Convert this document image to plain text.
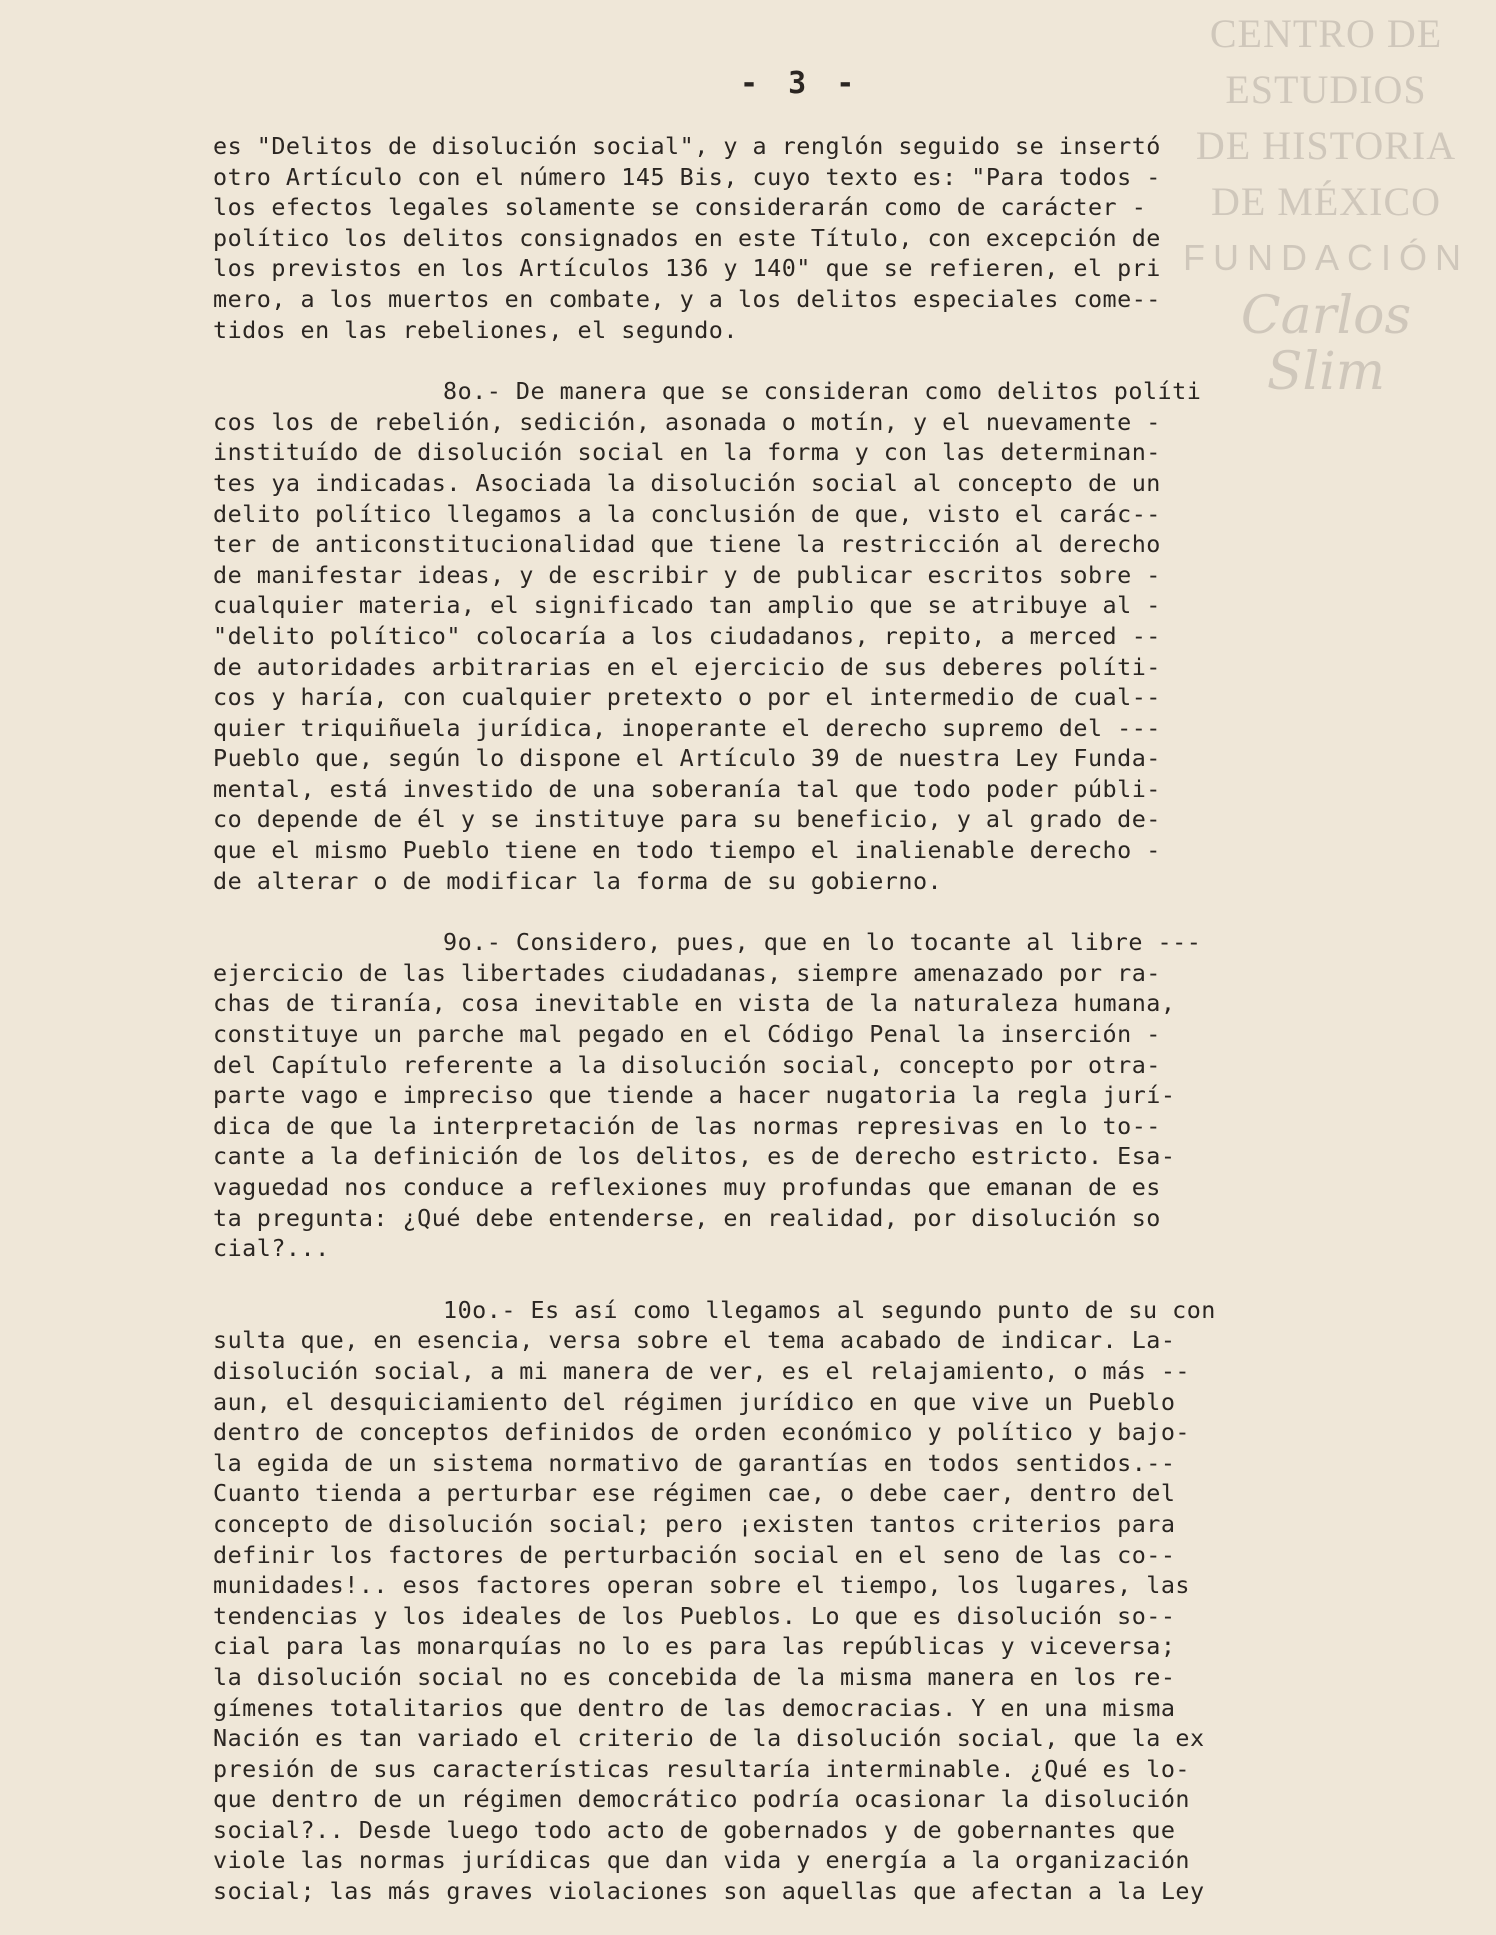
CENTRO DE
ESTUDIOS
DE HISTORIA
DE MÉXICO
FUNDACIÓN
Carlos Slim
- 3 -
es "Delitos de disolución social", y a renglón seguido se insertó
otro Artículo con el número 145 Bis, cuyo texto es: "Para todos -
los efectos legales solamente se considerarán como de carácter -
político los delitos consignados en este Título, con excepción de
los previstos en los Artículos 136 y 140" que se refieren, el pri
mero, a los muertos en combate, y a los delitos especiales come--
tidos en las rebeliones, el segundo.
8o.- De manera que se consideran como delitos políti
cos los de rebelión, sedición, asonada o motín, y el nuevamente -
instituído de disolución social en la forma y con las determinan-
tes ya indicadas. Asociada la disolución social al concepto de un
delito político llegamos a la conclusión de que, visto el carác--
ter de anticonstitucionalidad que tiene la restricción al derecho
de manifestar ideas, y de escribir y de publicar escritos sobre -
cualquier materia, el significado tan amplio que se atribuye al -
"delito político" colocaría a los ciudadanos, repito, a merced --
de autoridades arbitrarias en el ejercicio de sus deberes políti-
cos y haría, con cualquier pretexto o por el intermedio de cual--
quier triquiñuela jurídica, inoperante el derecho supremo del ---
Pueblo que, según lo dispone el Artículo 39 de nuestra Ley Funda-
mental, está investido de una soberanía tal que todo poder públi-
co depende de él y se instituye para su beneficio, y al grado de-
que el mismo Pueblo tiene en todo tiempo el inalienable derecho -
de alterar o de modificar la forma de su gobierno.
9o.- Considero, pues, que en lo tocante al libre ---
ejercicio de las libertades ciudadanas, siempre amenazado por ra-
chas de tiranía, cosa inevitable en vista de la naturaleza humana,
constituye un parche mal pegado en el Código Penal la inserción -
del Capítulo referente a la disolución social, concepto por otra-
parte vago e impreciso que tiende a hacer nugatoria la regla jurí-
dica de que la interpretación de las normas represivas en lo to--
cante a la definición de los delitos, es de derecho estricto. Esa-
vaguedad nos conduce a reflexiones muy profundas que emanan de es
ta pregunta: ¿Qué debe entenderse, en realidad, por disolución so
cial?...
10o.- Es así como llegamos al segundo punto de su con
sulta que, en esencia, versa sobre el tema acabado de indicar. La-
disolución social, a mi manera de ver, es el relajamiento, o más --
aun, el desquiciamiento del régimen jurídico en que vive un Pueblo
dentro de conceptos definidos de orden económico y político y bajo-
la egida de un sistema normativo de garantías en todos sentidos.--
Cuanto tienda a perturbar ese régimen cae, o debe caer, dentro del
concepto de disolución social; pero ¡existen tantos criterios para
definir los factores de perturbación social en el seno de las co--
munidades!.. esos factores operan sobre el tiempo, los lugares, las
tendencias y los ideales de los Pueblos. Lo que es disolución so--
cial para las monarquías no lo es para las repúblicas y viceversa;
la disolución social no es concebida de la misma manera en los re-
gímenes totalitarios que dentro de las democracias. Y en una misma
Nación es tan variado el criterio de la disolución social, que la ex
presión de sus características resultaría interminable. ¿Qué es lo-
que dentro de un régimen democrático podría ocasionar la disolución
social?.. Desde luego todo acto de gobernados y de gobernantes que
viole las normas jurídicas que dan vida y energía a la organización
social; las más graves violaciones son aquellas que afectan a la Ley
